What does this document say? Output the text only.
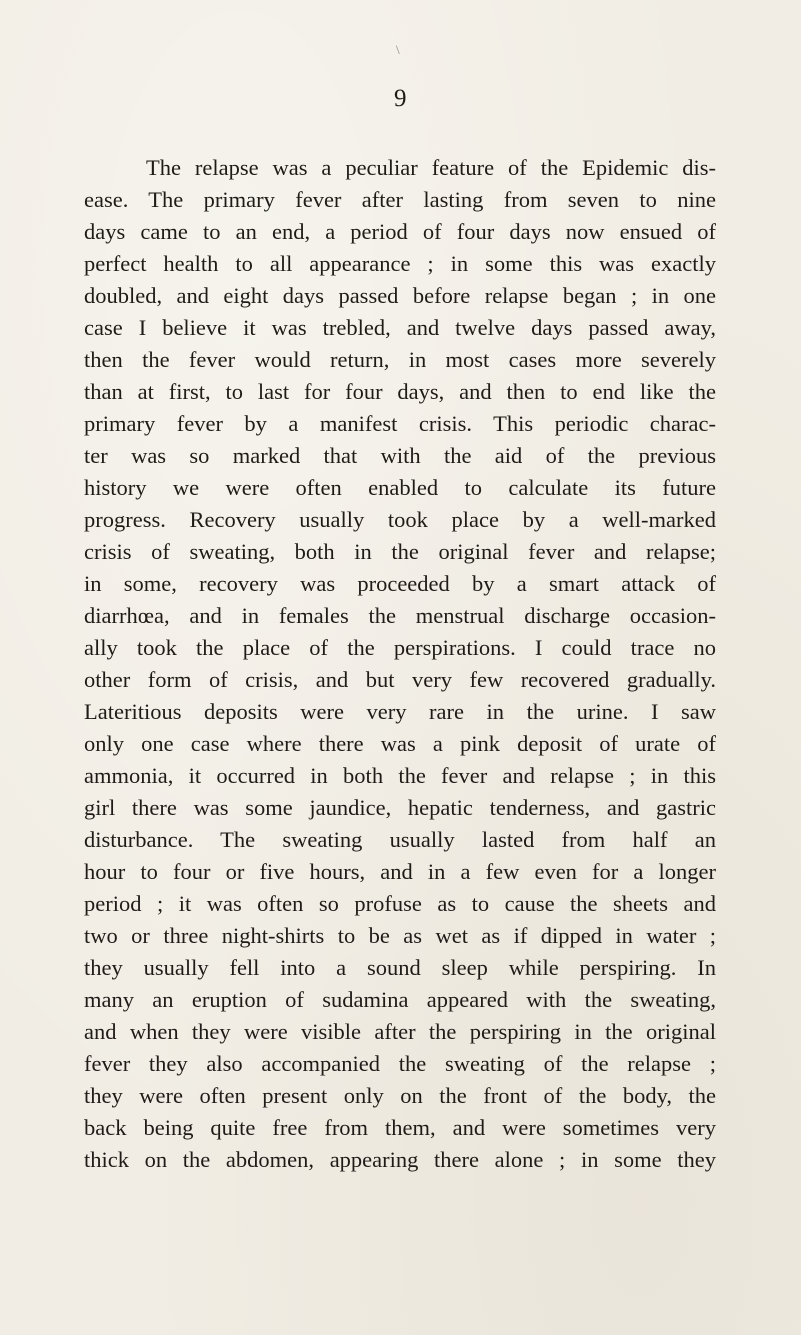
\
9
The relapse was a peculiar feature of the Epidemic dis-
ease. The primary fever after lasting from seven to nine
days came to an end, a period of four days now ensued of
perfect health to all appearance ; in some this was exactly
doubled, and eight days passed before relapse began ; in one
case I believe it was trebled, and twelve days passed away,
then the fever would return, in most cases more severely
than at first, to last for four days, and then to end like the
primary fever by a manifest crisis. This periodic charac-
ter was so marked that with the aid of the previous
history we were often enabled to calculate its future
progress. Recovery usually took place by a well-marked
crisis of sweating, both in the original fever and relapse;
in some, recovery was proceeded by a smart attack of
diarrhœa, and in females the menstrual discharge occasion-
ally took the place of the perspirations. I could trace no
other form of crisis, and but very few recovered gradually.
Lateritious deposits were very rare in the urine. I saw
only one case where there was a pink deposit of urate of
ammonia, it occurred in both the fever and relapse ; in this
girl there was some jaundice, hepatic tenderness, and gastric
disturbance. The sweating usually lasted from half an
hour to four or five hours, and in a few even for a longer
period ; it was often so profuse as to cause the sheets and
two or three night-shirts to be as wet as if dipped in water ;
they usually fell into a sound sleep while perspiring. In
many an eruption of sudamina appeared with the sweating,
and when they were visible after the perspiring in the original
fever they also accompanied the sweating of the relapse ;
they were often present only on the front of the body, the
back being quite free from them, and were sometimes very
thick on the abdomen, appearing there alone ; in some they
